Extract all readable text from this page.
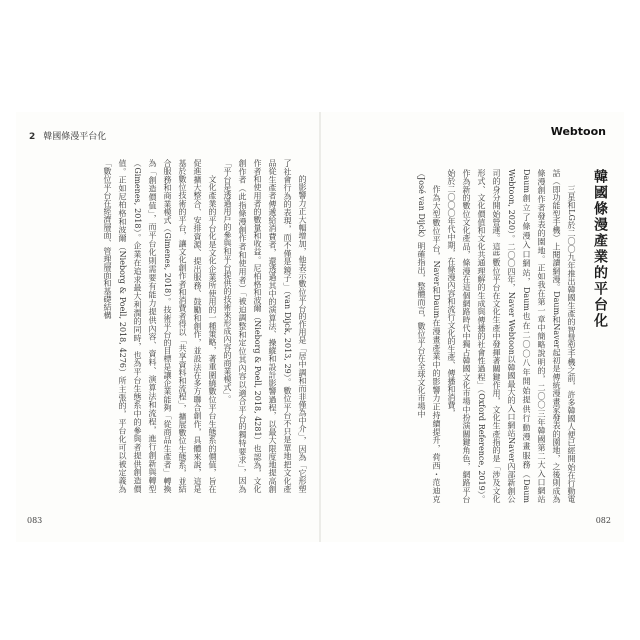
2 韓國條漫平台化

的影響力正大幅增加，他表示數位平台的作用是「居中調和而非僅為中介」，因為「它形塑了社會行為的表現，而不僅是鏡子」（van Dijck, 2013, 29）。數位平台不只是單地把文化產品從生產者傳遞給消費者，還透過其中的演算法、操縱和設計影響過程，以最大限度地提高創作者和使用者的數量和收益。尼柏格和波爾（Nieborg & Poell, 2018, 4281）也認為，文化創作者（此指條漫創作者和使用者）「被迫調整和定位其內容以適合平台的獨特要求」，因為「平台是透過用戶的參與和平台提供的技術來形成內容的商業模式」。

文化產業的平台化是文化企業所使用的一種策略，著重圍繞數位平台生態系的價值，旨在促進擴大整合、安排資源、提出服務、鼓勵和創作，並設法在多方聯合創作，具體來說，這是基於數位技術的平台，讓文化創作者和消費者得以「共享資料和流程」，擴展數位生態系，並結合服務和商業模式（Gimenes, 2018）。技術平台的目標是讓企業能夠「從商品生產者」轉換為「創造價值」，而平台化則需要有能力提供內容、資料、演算法和流程，進行創新與轉型（Gimenes, 2018）。企業在追求最大利潤的同時，也為平台生態系中的參與者提供創造價值。正如尼柏格和波爾（Nieborg & Poell, 2018, 4276）所主張的，平台化可以被定義為「數位平台在經濟層面、管理層面和基礎結構

083
Webtoon
韓國條漫產業的平台化

三星和LG於二〇〇九年推出韓國生產的智慧型手機之前，許多韓國人便已經開始在行動電話（即功能型手機）上閱讀網漫。Daum和Naver起初是傳統漫畫家發表的園地，之後則成為條漫創作者發表的園地。正如我在第一章中簡略說明的，二〇〇三年韓國第二大入口網站Daum創立了條漫入口網站，Daum也在二〇〇八年開始提供行動漫畫服務（Daum Webtoon, 2020）。二〇〇四年，Naver Webtoon以韓國最大的入口網站Naver內部新創公司的身分開始營運。這些數位平台在文化生產中發揮著關鍵作用，文化生產指的是「涉及文化形式、文化價值和文化共通理解的生成與傳播的社會性過程」（Oxford Reference, 2019）。作為新的數位文化產品，條漫在這個網路時代中獨占韓國文化市場中扮演關鍵角色，網路平台始於二〇〇〇年代中期，在條漫內容和流行文化的生產、傳播和消費，

作為大型數位平台，Naver和Daum在漫畫產業中的影響力正持續提升，荷西・范迪克（José van Dijck）明確指出，整體而言，數位平台在全球文化市場中

082
